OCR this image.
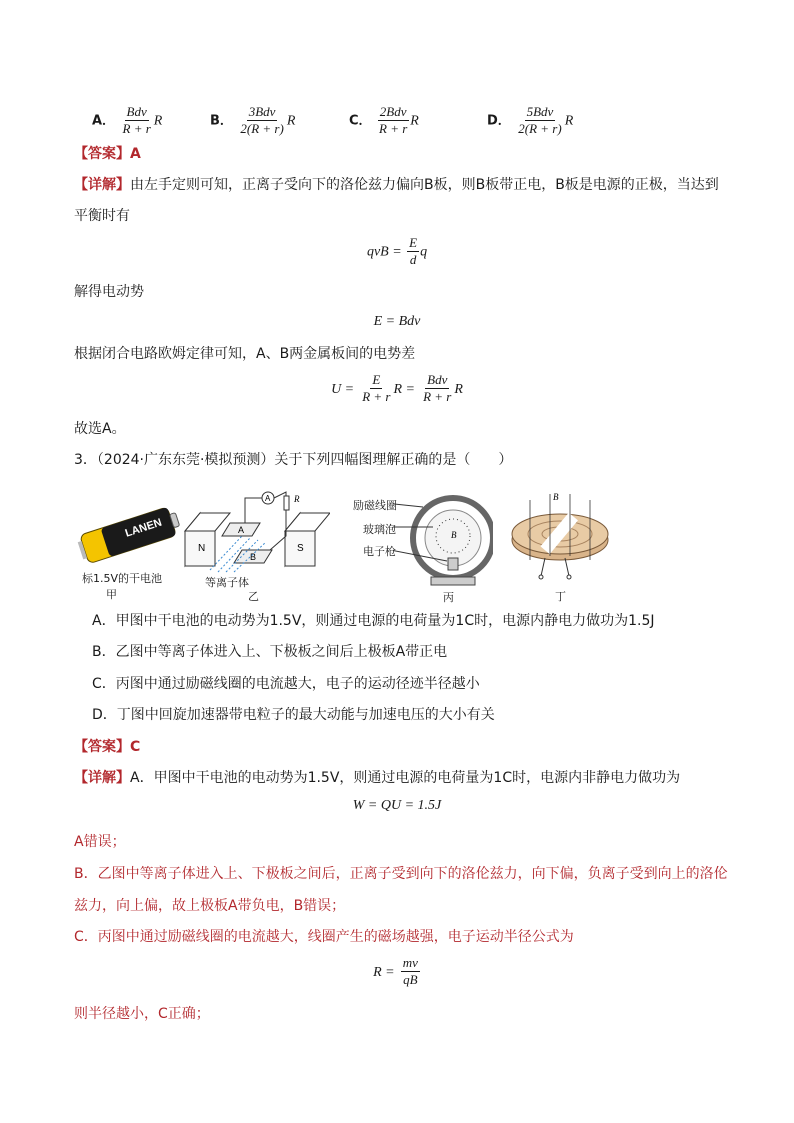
A． $\frac{\text{Bdv}}{R + r}$ R	B． $\frac{\text{3Bdv}}{2(R + r)}$ R	C． $\frac{\text{2Bdv}}{R + r}$ R	D． $\frac{\text{5Bdv}}{2(R + r)}$ R
【答案】A
【详解】由左手定则可知，正离子受向下的洛伦兹力偏向B板，则B板带正电，B板是电源的正极，当达到
平衡时有
qvB = $\frac{E}{d}$ q
解得电动势
E = Bdv
根据闭合电路欧姆定律可知，A、B两金属板间的电势差
$U = \frac{E}{R + r}$ $R = \frac{\text{Bdv}}{R + r}$ R
故选A。
3．（2024·广东东莞·模拟预测）关于下列四幅图理解正确的是（　　）
LANEN
标1.5V的干电池
甲
N	S
A
B
A	R
等离子体
乙
励磁线圈
玻璃泡
电子枪
B
丙
B
丁
A．甲图中干电池的电动势为1.5V，则通过电源的电荷量为1C时，电源内静电力做功为1.5J
B．乙图中等离子体进入上、下极板之间后上极板A带正电
C．丙图中通过励磁线圈的电流越大，电子的运动径迹半径越小
D．丁图中回旋加速器带电粒子的最大动能与加速电压的大小有关
【答案】C
【详解】A．甲图中干电池的电动势为1.5V，则通过电源的电荷量为1C时，电源内非静电力做功为
W = QU = 1.5J
A错误；
B．乙图中等离子体进入上、下极板之间后，正离子受到向下的洛伦兹力，向下偏，负离子受到向上的洛伦
兹力，向上偏，故上极板A带负电，B错误；
C．丙图中通过励磁线圈的电流越大，线圈产生的磁场越强，电子运动半径公式为
$R = \frac{mv}{qB}$
则半径越小，C正确；
